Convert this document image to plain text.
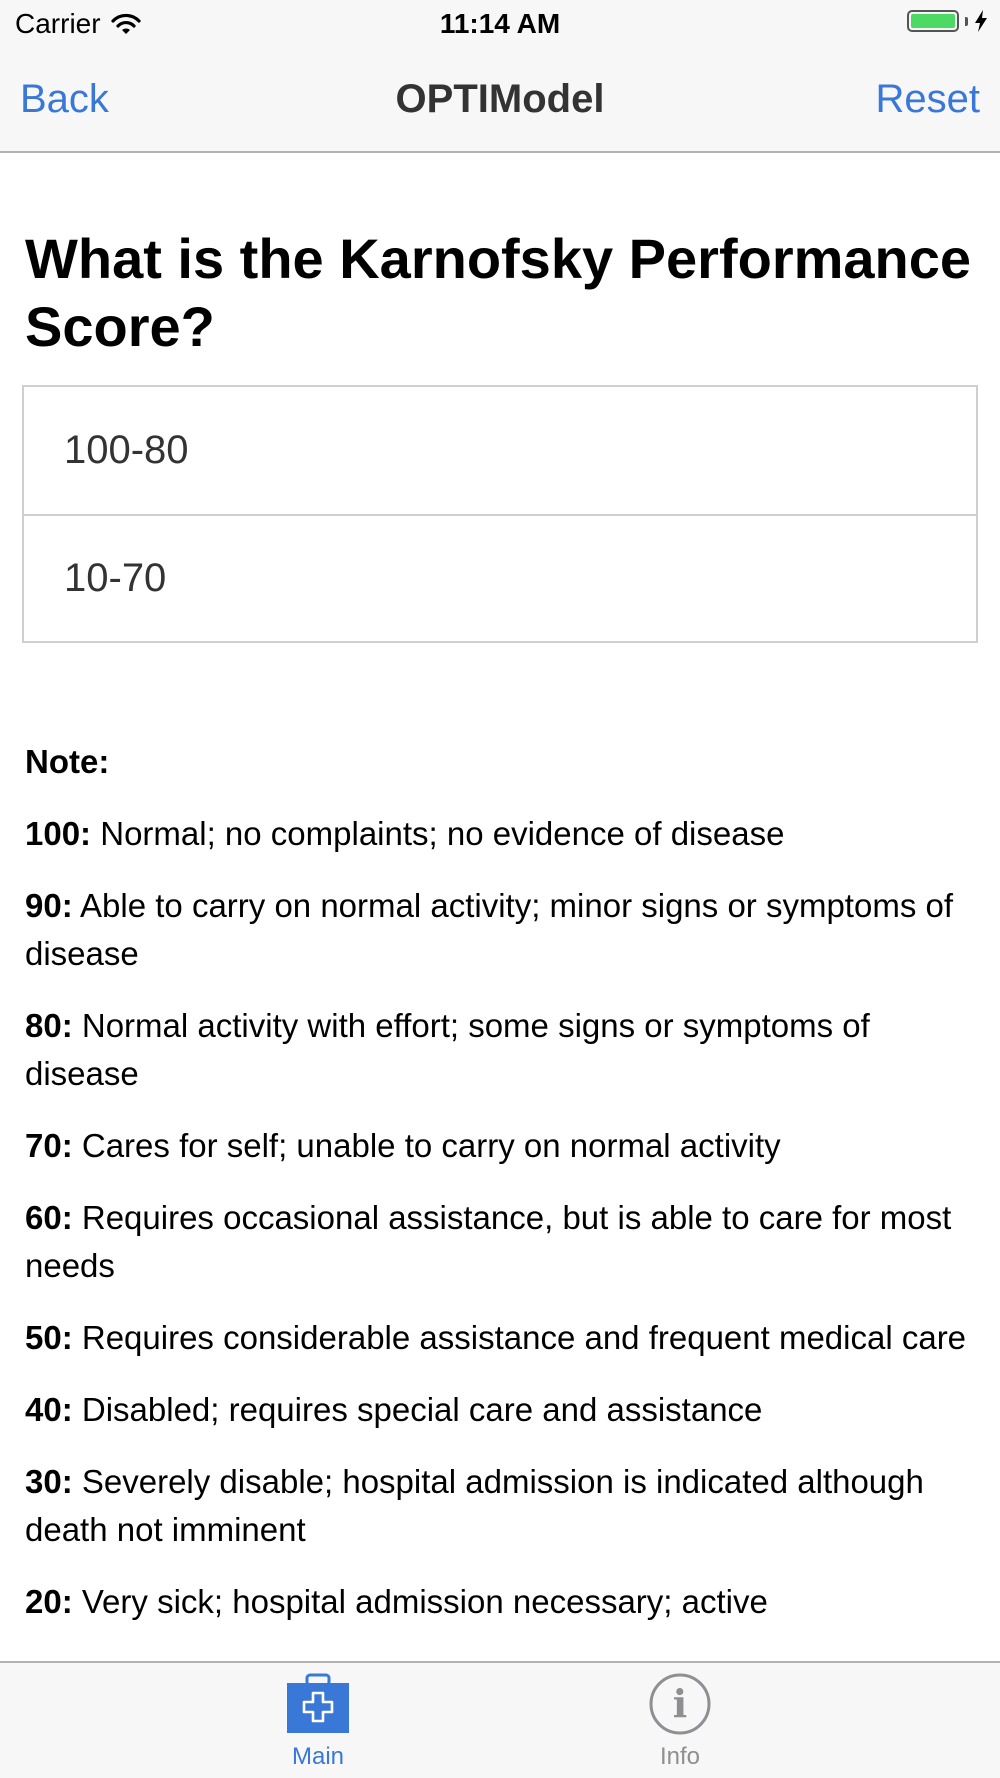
Carrier	11:14 AM
Back	OPTIModel	Reset
What is the Karnofsky Performance Score?
100-80
10-70
Note:
100: Normal; no complaints; no evidence of disease
90: Able to carry on normal activity; minor signs or symptoms of disease
80: Normal activity with effort; some signs or symptoms of disease
70: Cares for self; unable to carry on normal activity
60: Requires occasional assistance, but is able to care for most needs
50: Requires considerable assistance and frequent medical care
40: Disabled; requires special care and assistance
30: Severely disable; hospital admission is indicated although death not imminent
20: Very sick; hospital admission necessary; active
Main
i
Info
